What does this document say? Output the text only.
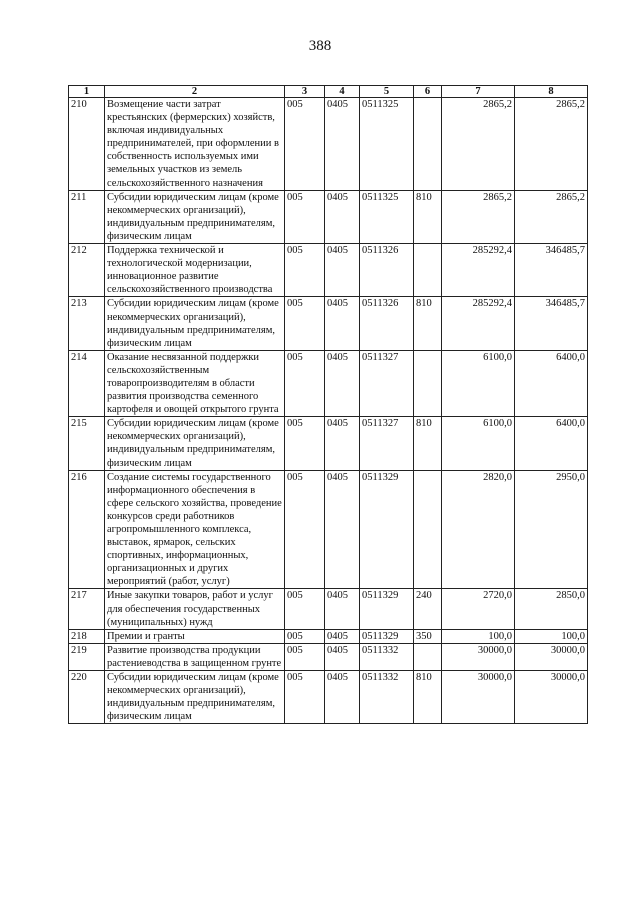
388
1	2	3	4	5	6	7	8
210	Возмещение части затрат крестьянских (фермерских) хозяйств, включая индивидуальных предпринимателей, при оформлении в собственность используемых ими земельных участков из земель сельскохозяйственного назначения	005	0405	0511325		2865,2	2865,2
211	Субсидии юридическим лицам (кроме некоммерческих организаций), индивидуальным предпринимателям, физическим лицам	005	0405	0511325	810	2865,2	2865,2
212	Поддержка технической и технологической модернизации, инновационное развитие сельскохозяйственного производства	005	0405	0511326		285292,4	346485,7
213	Субсидии юридическим лицам (кроме некоммерческих организаций), индивидуальным предпринимателям, физическим лицам	005	0405	0511326	810	285292,4	346485,7
214	Оказание несвязанной поддержки сельскохозяйственным товаропроизводителям в области развития производства семенного картофеля и овощей открытого грунта	005	0405	0511327		6100,0	6400,0
215	Субсидии юридическим лицам (кроме некоммерческих организаций), индивидуальным предпринимателям, физическим лицам	005	0405	0511327	810	6100,0	6400,0
216	Создание системы государственного информационного обеспечения в сфере сельского хозяйства, проведение конкурсов среди работников агропромышленного комплекса, выставок, ярмарок, сельских спортивных, информационных, организационных и других мероприятий (работ, услуг)	005	0405	0511329		2820,0	2950,0
217	Иные закупки товаров, работ и услуг для обеспечения государственных (муниципальных) нужд	005	0405	0511329	240	2720,0	2850,0
218	Премии и гранты	005	0405	0511329	350	100,0	100,0
219	Развитие производства продукции растениеводства в защищенном грунте	005	0405	0511332		30000,0	30000,0
220	Субсидии юридическим лицам (кроме некоммерческих организаций), индивидуальным предпринимателям, физическим лицам	005	0405	0511332	810	30000,0	30000,0
